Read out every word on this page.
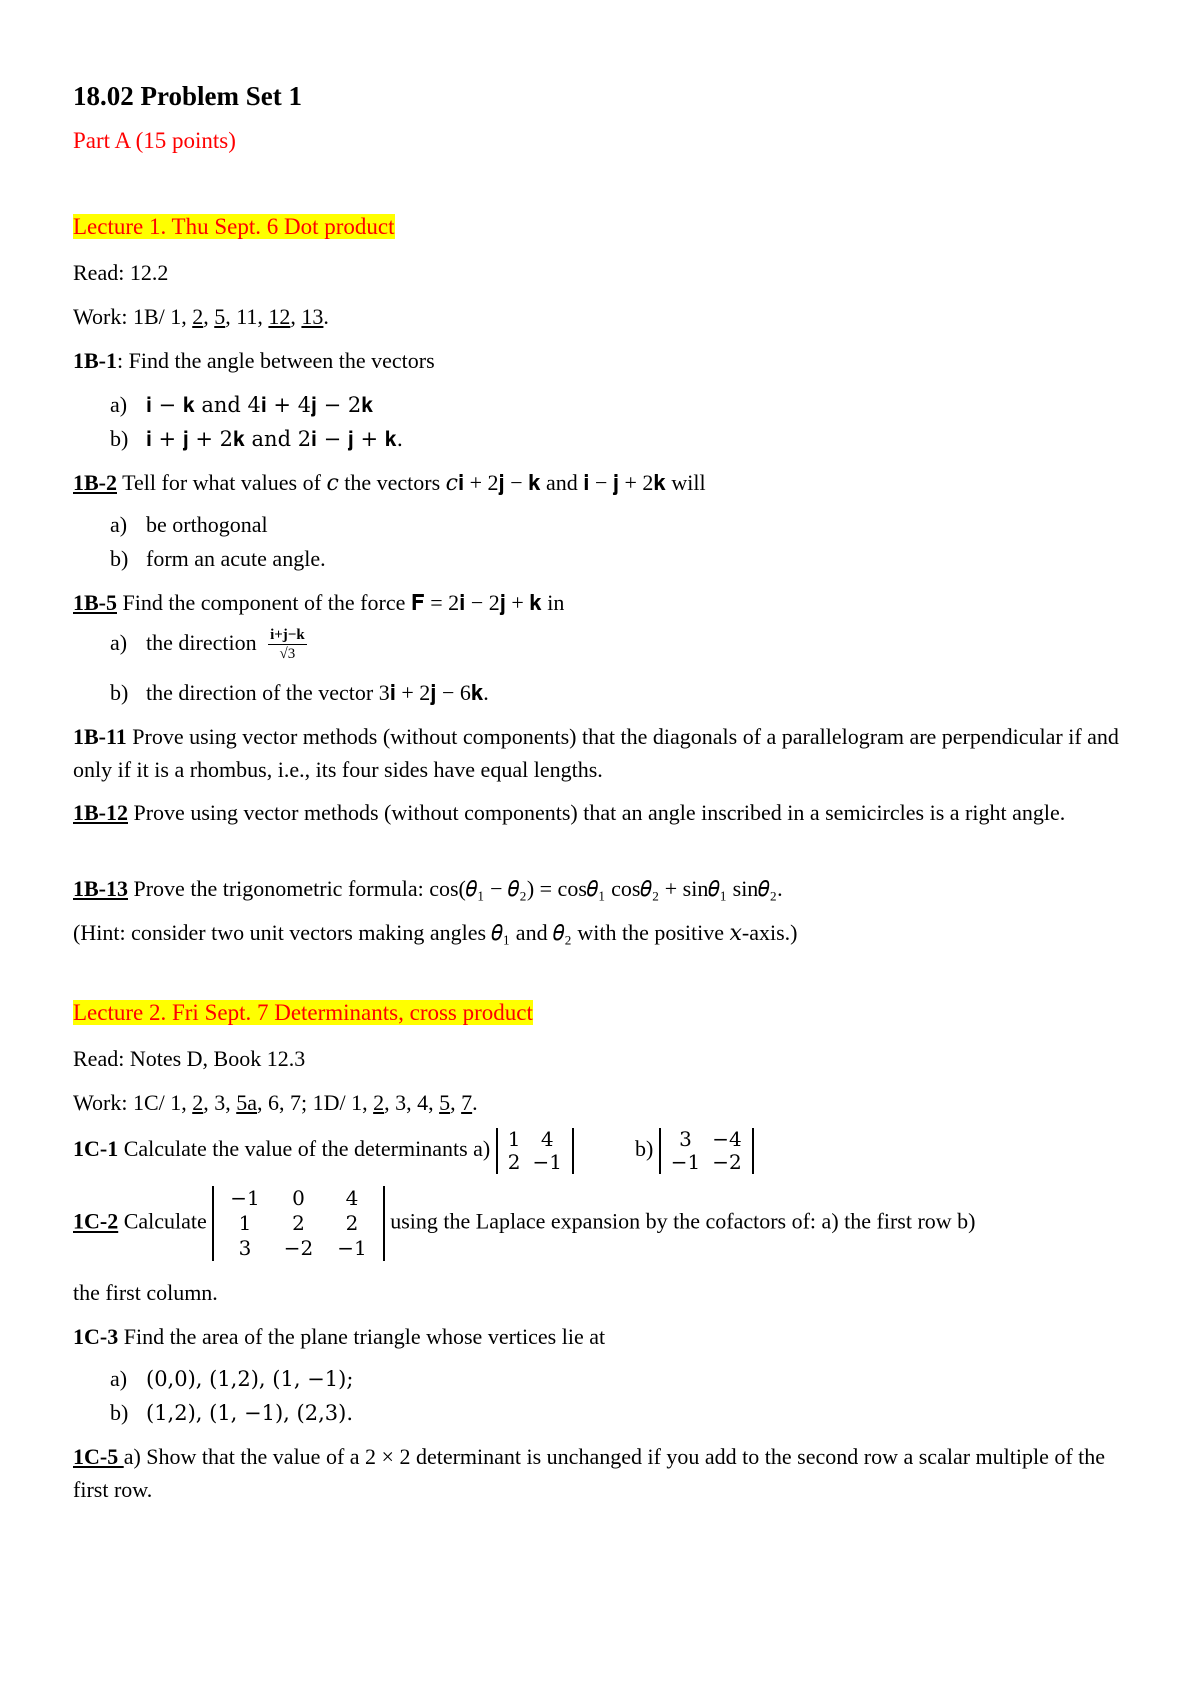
18.02 Problem Set 1
Part A (15 points)
Lecture 1. Thu Sept. 6 Dot product
Read: 12.2
Work: 1B/ 1, 2, 5, 11, 12, 13.
1B-1: Find the angle between the vectors
a) 𝐢 − 𝐤 and 4𝐢 + 4𝐣 − 2𝐤
b) 𝐢 + 𝐣 + 2𝐤 and 2𝐢 − 𝐣 + 𝐤.
1B-2 Tell for what values of 𝑐 the vectors 𝑐𝐢 + 2𝐣 − 𝐤 and 𝐢 − 𝐣 + 2𝐤 will
a) be orthogonal
b) form an acute angle.
1B-5 Find the component of the force 𝐅 = 2𝐢 − 2𝐣 + 𝐤 in
a) the direction $\frac{i+j-k}{√3}$
b) the direction of the vector 3𝐢 + 2𝐣 − 6𝐤.
1B-11 Prove using vector methods (without components) that the diagonals of a parallelogram are perpendicular if and only if it is a rhombus, i.e., its four sides have equal lengths.
1B-12 Prove using vector methods (without components) that an angle inscribed in a semicircles is a right angle.
1B-13 Prove the trigonometric formula: cos(𝜃₁ − 𝜃₂) = cos𝜃₁ cos𝜃₂ + sin𝜃₁ sin𝜃₂.
(Hint: consider two unit vectors making angles 𝜃₁ and 𝜃₂ with the positive 𝑥-axis.)
Lecture 2. Fri Sept. 7 Determinants, cross product
Read: Notes D, Book 12.3
Work: 1C/ 1, 2, 3, 5a, 6, 7; 1D/ 1, 2, 3, 4, 5, 7.
1C-1 Calculate the value of the determinants a) 1	4
2	−1
b) 3	−4
−1	−2
1C-2 Calculate
−1	0	4
1	2	2
3	−2	−1
using the Laplace expansion by the cofactors of: a) the first row b)
the first column.
1C-3 Find the area of the plane triangle whose vertices lie at
a) (0,0), (1,2), (1, −1);
b) (1,2), (1, −1), (2,3).
1C-5 a) Show that the value of a 2 × 2 determinant is unchanged if you add to the second row a scalar multiple of the first row.
